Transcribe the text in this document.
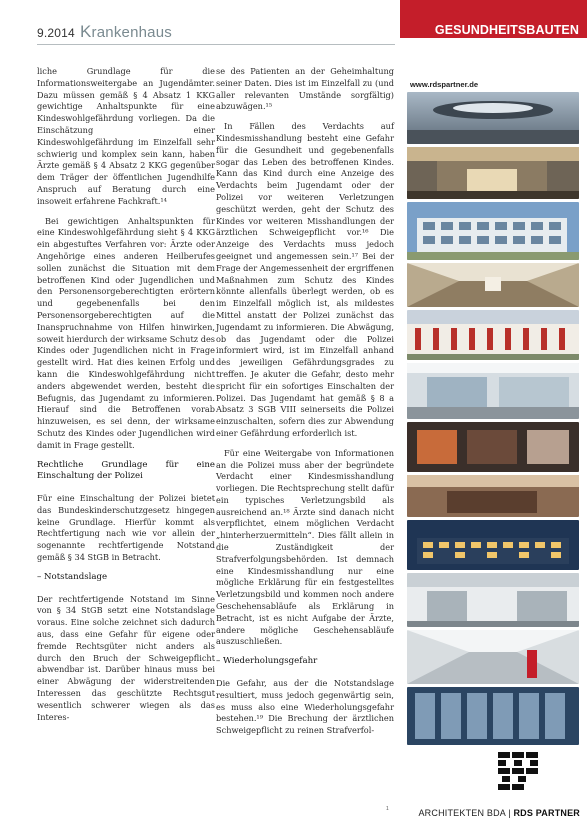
9.2014 Krankenhaus	GESUNDHEITSBAUTEN

liche Grundlage für die Informationsweitergabe an Jugendämter. Dazu müssen gemäß § 4 Absatz 1 KKG gewichtige Anhaltspunkte für eine Kindeswohlgefährdung vorliegen. Da die Einschätzung einer Kindeswohlgefährdung im Einzelfall sehr schwierig und komplex sein kann, haben Ärzte gemäß § 4 Absatz 2 KKG gegenüber dem Träger der öffentlichen Jugendhilfe Anspruch auf Beratung durch eine insoweit erfahrene Fachkraft.¹⁴

Bei gewichtigen Anhaltspunkten für eine Kindeswohlgefährdung sieht § 4 KKG ein abgestuftes Verfahren vor: Ärzte oder Angehörige eines anderen Heilberufes sollen zunächst die Situation mit dem betroffenen Kind oder Jugendlichen und den Personensorgeberechtigten erörtern und gegebenenfalls bei den Personensorgeberechtigten auf die Inanspruchnahme von Hilfen hinwirken, soweit hierdurch der wirksame Schutz des Kindes oder Jugendlichen nicht in Frage gestellt wird. Hat dies keinen Erfolg und kann die Kindeswohlgefährdung nicht anders abgewendet werden, besteht die Befugnis, das Jugendamt zu informieren. Hierauf sind die Betroffenen vorab hinzuweisen, es sei denn, der wirksame Schutz des Kindes oder Jugendlichen wird damit in Frage gestellt.

Rechtliche Grundlage für eine Einschaltung der Polizei

Für eine Einschaltung der Polizei bietet das Bundeskinderschutzgesetz hingegen keine Grundlage. Hierfür kommt als Rechtfertigung nach wie vor allein der sogenannte rechtfertigende Notstand gemäß § 34 StGB in Betracht.

– Notstandslage

Der rechtfertigende Notstand im Sinne von § 34 StGB setzt eine Notstandslage voraus. Eine solche zeichnet sich dadurch aus, dass eine Gefahr für eigene oder fremde Rechtsgüter nicht anders als durch den Bruch der Schweigepflicht abwendbar ist. Darüber hinaus muss bei einer Abwägung der widerstreitenden Interessen das geschützte Rechtsgut wesentlich schwerer wiegen als das Interes-

se des Patienten an der Geheimhaltung seiner Daten. Dies ist im Einzelfall zu (und aller relevanten Umstände sorgfältig) abzuwägen.¹⁵

In Fällen des Verdachts auf Kindesmisshandlung besteht eine Gefahr für die Gesundheit und gegebenenfalls sogar das Leben des betroffenen Kindes. Kann das Kind durch eine Anzeige des Verdachts beim Jugendamt oder der Polizei vor weiteren Verletzungen geschützt werden, geht der Schutz des Kindes vor weiteren Misshandlungen der ärztlichen Schweigepflicht vor.¹⁶ Die Anzeige des Verdachts muss jedoch geeignet und angemessen sein.¹⁷ Bei der Frage der Angemessenheit der ergriffenen Maßnahmen zum Schutz des Kindes könnte allenfalls überlegt werden, ob es im Einzelfall möglich ist, als mildestes Mittel anstatt der Polizei zunächst das Jugendamt zu informieren. Die Abwägung, ob das Jugendamt oder die Polizei informiert wird, ist im Einzelfall anhand des jeweiligen Gefährdungsgrades zu treffen. Je akuter die Gefahr, desto mehr spricht für ein sofortiges Einschalten der Polizei. Das Jugendamt hat gemäß § 8 a Absatz 3 SGB VIII seinerseits die Polizei einzuschalten, sofern dies zur Abwendung einer Gefährdung erforderlich ist.

Für eine Weitergabe von Informationen an die Polizei muss aber der begründete Verdacht einer Kindesmisshandlung vorliegen. Die Rechtsprechung stellt dafür ein typisches Verletzungsbild als ausreichend an.¹⁸ Ärzte sind danach nicht verpflichtet, einem möglichen Verdacht „hinterherzuermitteln“. Dies fällt allein in die Zuständigkeit der Strafverfolgungsbehörden. Ist demnach eine Kindesmisshandlung nur eine mögliche Erklärung für ein festgestelltes Verletzungsbild und kommen noch andere Geschehensabläufe als Erklärung in Betracht, ist es nicht Aufgabe der Ärzte, andere mögliche Geschehensabläufe auszuschließen.

– Wiederholungsgefahr

Die Gefahr, aus der die Notstandslage resultiert, muss jedoch gegenwärtig sein, es muss also eine Wiederholungsgefahr bestehen.¹⁹ Die Brechung der ärztlichen Schweigepflicht zu reinen Strafverfol-

www.rdspartner.de
ARCHITEKTEN BDA | RDS PARTNER
1
